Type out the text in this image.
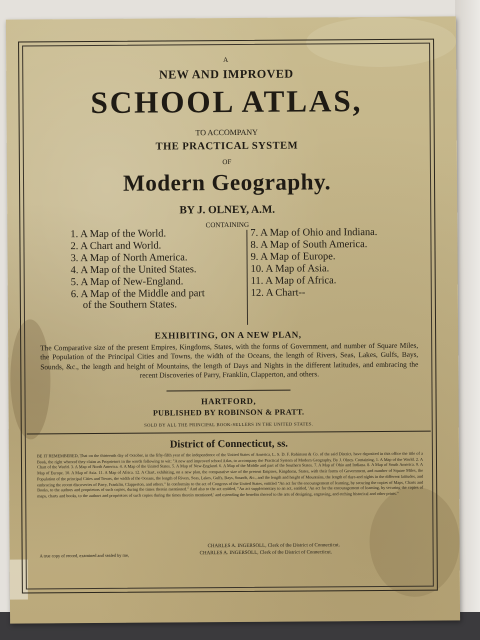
A
NEW AND IMPROVED
SCHOOL ATLAS,
TO ACCOMPANY
THE PRACTICAL SYSTEM
OF
Modern Geography.
BY J. OLNEY, A.M.
CONTAINING
1. A Map of the World.
2. A Chart and World.
3. A Map of North America.
4. A Map of the United States.
5. A Map of New-England.
6. A Map of the Middle and part
of the Southern States.
7. A Map of Ohio and Indiana.
8. A Map of South America.
9. A Map of Europe.
10. A Map of Asia.
11. A Map of Africa.
12. A Chart--
EXHIBITING, ON A NEW PLAN,
The Comparative size of the present Empires, Kingdoms, States, with the forms of Government, and number of Square Miles, the Population of the Principal Cities and Towns, the width of the Oceans, the length of Rivers, Seas, Lakes, Gulfs, Bays, Sounds, &c., the length and height of Mountains, the length of Days and Nights in the different latitudes, and embracing the recent Discoveries of Parry, Franklin, Clapperton, and others.
HARTFORD,
PUBLISHED BY ROBINSON & PRATT.
SOLD BY ALL THE PRINCIPAL BOOK-SELLERS IN THE UNITED STATES.
District of Connecticut, ss.
BE IT REMEMBERED, That on the thirteenth day of October, in the fifty-fifth year of the independence of the United States of America, L. S. D. F. Robinson & Co. of the said District, have deposited in this office the title of a Book, the right whereof they claim as Proprietors in the words following to wit: "A new and improved school Atlas, to accompany the Practical System of Modern Geography. By J. Olney. Containing, 1. A Map of the World. 2. A Chart of the World. 3. A Map of North America. 4. A Map of the United States. 5. A Map of New-England. 6. A Map of the Middle and part of the Southern States. 7. A Map of Ohio and Indiana. 8. A Map of South America. 9. A Map of Europe. 10. A Map of Asia. 11. A Map of Africa. 12. A Chart, exhibiting, on a new plan, the comparative size of the present Empires, Kingdoms, States, with their forms of Government, and number of Square Miles, the Population of the principal Cities and Towns, the width of the Oceans, the length of Rivers, Seas, Lakes, Gulfs, Bays, Sounds, &c., and the length and height of Mountains, the length of days and nights in the different latitudes, and embracing the recent discoveries of Parry, Franklin, Clapperton, and others." In conformity to the act of Congress of the United States, entitled "An act for the encouragement of learning, by securing the copies of Maps, Charts and Books, to the authors and proprietors of such copies, during the times therein mentioned." And also to the act entitled, "An act supplementary to an act, entitled, 'An act for the encouragement of learning, by securing the copies of maps, charts and books, to the authors and proprietors of such copies during the times therein mentioned,' and extending the benefits thereof to the arts of designing, engraving, and etching historical and other prints."
CHARLES A. INGERSOLL, Clerk of the District of Connecticut.
A true copy of record, examined and sealed by me,	CHARLES A. INGERSOLL, Clerk of the District of Connecticut.
